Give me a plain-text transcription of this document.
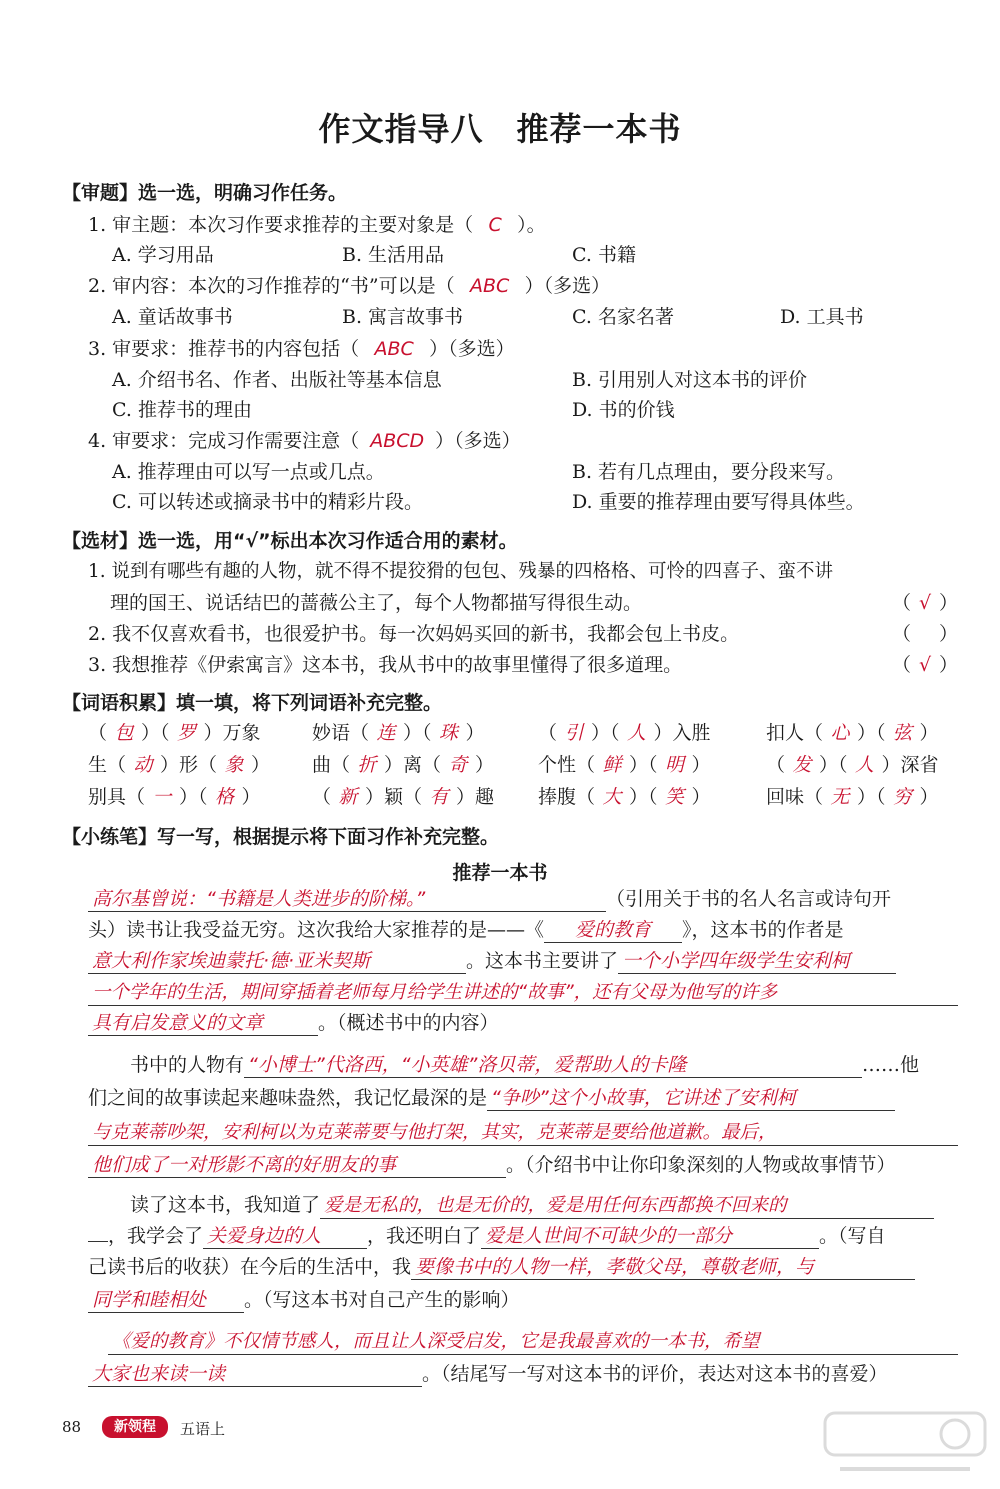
作文指导八　推荐一本书
【审题】选一选，明确习作任务。
1. 审主题：本次习作要求推荐的主要对象是（ C ）。
A. 学习用品	B. 生活用品	C. 书籍
2. 审内容：本次的习作推荐的“书”可以是（ ABC ）（多选）
A. 童话故事书	B. 寓言故事书	C. 名家名著	D. 工具书
3. 审要求：推荐书的内容包括（ ABC ）（多选）
A. 介绍书名、作者、出版社等基本信息	B. 引用别人对这本书的评价
C. 推荐书的理由	D. 书的价钱
4. 审要求：完成习作需要注意（ ABCD ）（多选）
A. 推荐理由可以写一点或几点。	B. 若有几点理由，要分段来写。
C. 可以转述或摘录书中的精彩片段。	D. 重要的推荐理由要写得具体些。
【选材】选一选，用“√”标出本次习作适合用的素材。
1. 说到有哪些有趣的人物，就不得不提狡猾的包包、残暴的四格格、可怜的四喜子、蛮不讲
理的国王、说话结巴的蔷薇公主了，每个人物都描写得很生动。	（ √ ）
2. 我不仅喜欢看书，也很爱护书。每一次妈妈买回的新书，我都会包上书皮。	（ ）
3. 我想推荐《伊索寓言》这本书，我从书中的故事里懂得了很多道理。	（ √ ）
【词语积累】填一填，将下列词语补充完整。
（ 包 ）（ 罗 ）万象	妙语（ 连 ）（ 珠 ）	（ 引 ）（ 人 ）入胜	扣人（ 心 ）（ 弦 ）
生（ 动 ）形（ 象 ） 曲（ 折 ）离（ 奇 ） 个性（ 鲜 ）（ 明 ）	（ 发 ）（ 人 ）深省
别具（ 一 ）（ 格 ）	（ 新 ）颖（ 有 ）趣 捧腹（ 大 ）（ 笑 ）	回味（ 无 ）（ 穷 ）
【小练笔】写一写，根据提示将下面习作补充完整。
推荐一本书
高尔基曾说：“书籍是人类进步的阶梯。”	（引用关于书的名人名言或诗句开
头）读书让我受益无穷。这次我给大家推荐的是——《 爱的教育 》，这本书的作者是
意大利作家埃迪蒙托·德·亚米契斯	。这本书主要讲了 一个小学四年级学生安利柯
一个学年的生活，期间穿插着老师每月给学生讲述的“故事”，还有父母为他写的许多
具有启发意义的文章	。（概述书中的内容）
书中的人物有 “小博士”代洛西，“小英雄”洛贝蒂，爱帮助人的卡隆	……他
们之间的故事读起来趣味盎然，我记忆最深的是 “争吵”这个小故事，它讲述了安利柯
与克莱蒂吵架，安利柯以为克莱蒂要与他打架，其实，克莱蒂是要给他道歉。最后，
他们成了一对形影不离的好朋友的事	。（介绍书中让你印象深刻的人物或故事情节）
读了这本书，我知道了 爱是无私的，也是无价的，爱是用任何东西都换不回来的
，我学会了 关爱身边的人 ，我还明白了 爱是人世间不可缺少的一部分	。（写自
己读书后的收获）在今后的生活中，我 要像书中的人物一样，孝敬父母，尊敬老师，与
同学和睦相处 。（写这本书对自己产生的影响）
《爱的教育》不仅情节感人，而且让人深受启发，它是我最喜欢的一本书，希望
大家也来读一读	。（结尾写一写对这本书的评价，表达对这本书的喜爱）
88	新领程	五语上
